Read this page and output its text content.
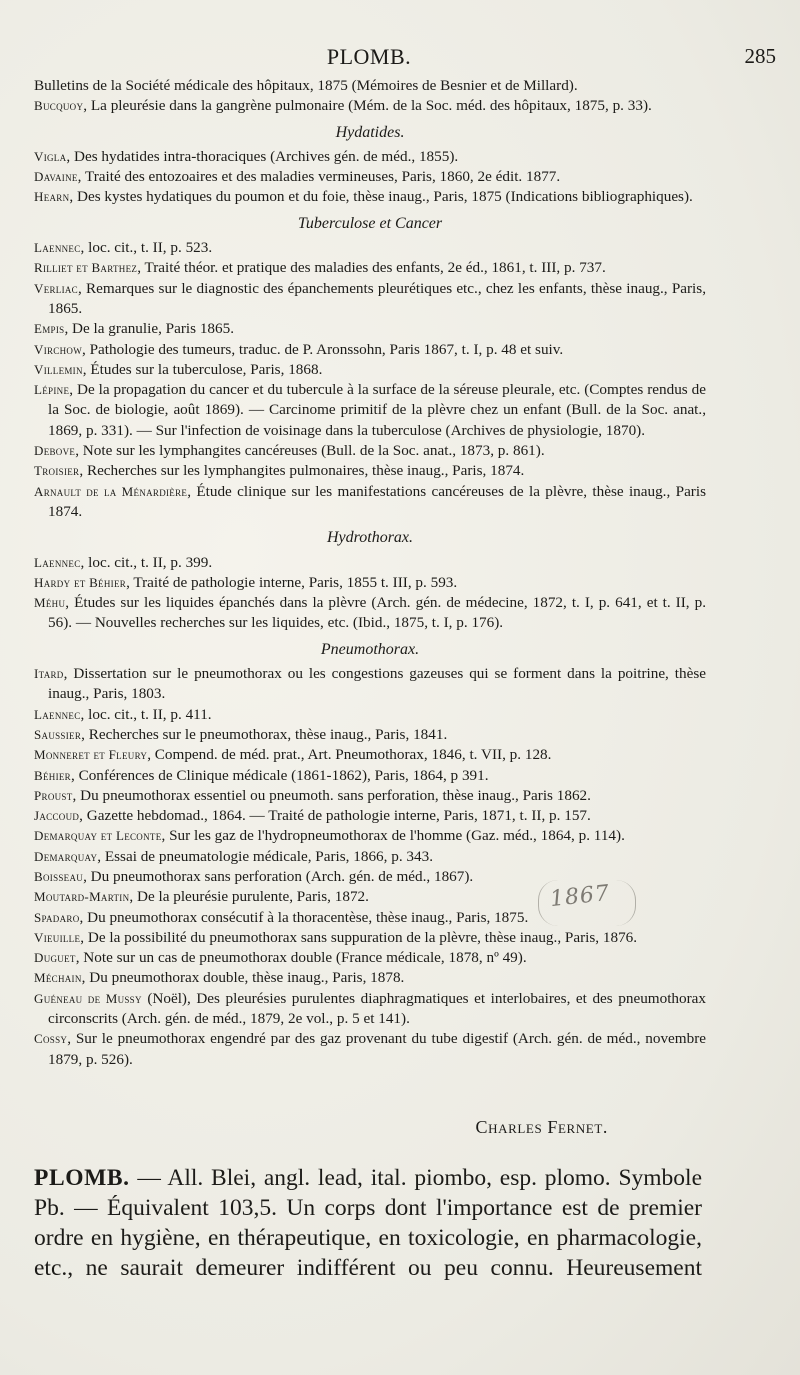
PLOMB.	285
Bulletins de la Société médicale des hôpitaux, 1875 (Mémoires de Besnier et de Millard).
Bucquoy, La pleurésie dans la gangrène pulmonaire (Mém. de la Soc. méd. des hôpitaux, 1875, p. 33).
Hydatides.
Vigla, Des hydatides intra-thoraciques (Archives gén. de méd., 1855).
Davaine, Traité des entozoaires et des maladies vermineuses, Paris, 1860, 2e édit. 1877.
Hearn, Des kystes hydatiques du poumon et du foie, thèse inaug., Paris, 1875 (Indications bibliographiques).
Tuberculose et Cancer
Laennec, loc. cit., t. II, p. 523.
Rilliet et Barthez, Traité théor. et pratique des maladies des enfants, 2e éd., 1861, t. III, p. 737.
Verliac, Remarques sur le diagnostic des épanchements pleurétiques etc., chez les enfants, thèse inaug., Paris, 1865.
Empis, De la granulie, Paris 1865.
Virchow, Pathologie des tumeurs, traduc. de P. Aronssohn, Paris 1867, t. I, p. 48 et suiv.
Villemin, Études sur la tuberculose, Paris, 1868.
Lépine, De la propagation du cancer et du tubercule à la surface de la séreuse pleurale, etc. (Comptes rendus de la Soc. de biologie, août 1869). — Carcinome primitif de la plèvre chez un enfant (Bull. de la Soc. anat., 1869, p. 331). — Sur l'infection de voisinage dans la tuberculose (Archives de physiologie, 1870).
Debove, Note sur les lymphangites cancéreuses (Bull. de la Soc. anat., 1873, p. 861).
Troisier, Recherches sur les lymphangites pulmonaires, thèse inaug., Paris, 1874.
Arnault de la Ménardière, Étude clinique sur les manifestations cancéreuses de la plèvre, thèse inaug., Paris 1874.
Hydrothorax.
Laennec, loc. cit., t. II, p. 399.
Hardy et Béhier, Traité de pathologie interne, Paris, 1855 t. III, p. 593.
Méhu, Études sur les liquides épanchés dans la plèvre (Arch. gén. de médecine, 1872, t. I, p. 641, et t. II, p. 56). — Nouvelles recherches sur les liquides, etc. (Ibid., 1875, t. I, p. 176).
Pneumothorax.
Itard, Dissertation sur le pneumothorax ou les congestions gazeuses qui se forment dans la poitrine, thèse inaug., Paris, 1803.
Laennec, loc. cit., t. II, p. 411.
Saussier, Recherches sur le pneumothorax, thèse inaug., Paris, 1841.
Monneret et Fleury, Compend. de méd. prat., Art. Pneumothorax, 1846, t. VII, p. 128.
Béhier, Conférences de Clinique médicale (1861-1862), Paris, 1864, p 391.
Proust, Du pneumothorax essentiel ou pneumoth. sans perforation, thèse inaug., Paris 1862.
Jaccoud, Gazette hebdomad., 1864. — Traité de pathologie interne, Paris, 1871, t. II, p. 157.
Demarquay et Leconte, Sur les gaz de l'hydropneumothorax de l'homme (Gaz. méd., 1864, p. 114).
Demarquay, Essai de pneumatologie médicale, Paris, 1866, p. 343.
Boisseau, Du pneumothorax sans perforation (Arch. gén. de méd., 1867).
Moutard-Martin, De la pleurésie purulente, Paris, 1872.
Spadaro, Du pneumothorax consécutif à la thoracentèse, thèse inaug., Paris, 1875.
Vieuille, De la possibilité du pneumothorax sans suppuration de la plèvre, thèse inaug., Paris, 1876.
Duguet, Note sur un cas de pneumothorax double (France médicale, 1878, nº 49).
Méchain, Du pneumothorax double, thèse inaug., Paris, 1878.
Guéneau de Mussy (Noël), Des pleurésies purulentes diaphragmatiques et interlobaires, et des pneumothorax circonscrits (Arch. gén. de méd., 1879, 2e vol., p. 5 et 141).
Cossy, Sur le pneumothorax engendré par des gaz provenant du tube digestif (Arch. gén. de méd., novembre 1879, p. 526).
1867
Charles Fernet.

PLOMB. — All. Blei, angl. lead, ital. piombo, esp. plomo. Symbole Pb. — Équivalent 103,5. Un corps dont l'importance est de premier ordre en hygiène, en thérapeutique, en toxicologie, en pharmacologie, etc., ne saurait demeurer indifférent ou peu connu. Heureusement
